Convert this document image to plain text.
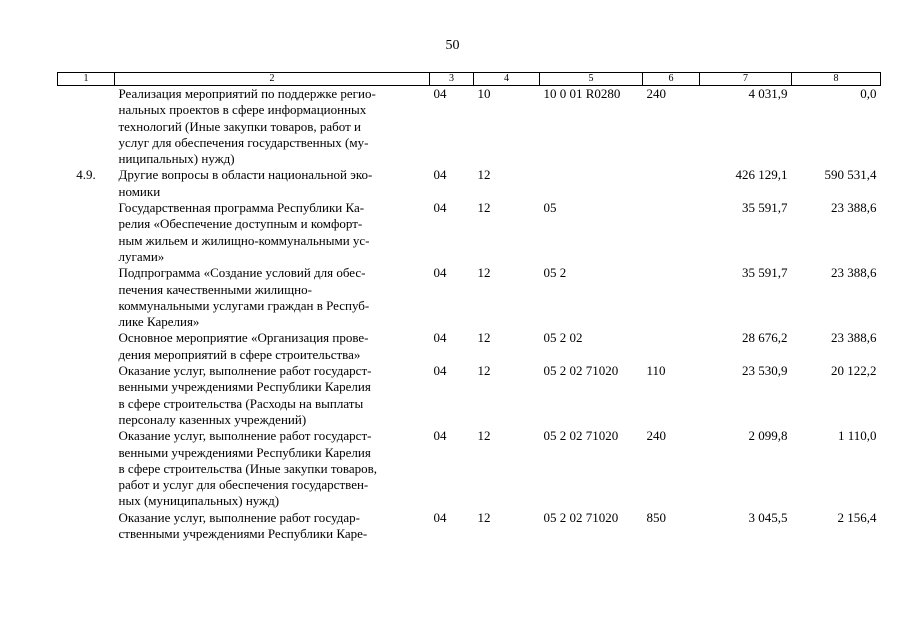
50
1	2	3	4	5	6	7	8

	Реализация мероприятий по поддержке регио-
нальных проектов в сфере информационных
технологий (Иные закупки товаров, работ и
услуг для обеспечения государственных (му-
ниципальных) нужд)	04	10	10 0 01 R0280	240	4 031,9	0,0
4.9.	Другие вопросы в области национальной эко-
номики	04	12			426 129,1	590 531,4

	Государственная программа Республики Ка-
релия «Обеспечение доступным и комфорт-
ным жильем и жилищно-коммунальными ус-
лугами»	04	12	05		35 591,7	23 388,6

	Подпрограмма «Создание условий для обес-
печения качественными жилищно-
коммунальными услугами граждан в Респуб-
лике Карелия»	04	12	05 2		35 591,7	23 388,6

	Основное мероприятие «Организация прове-
дения мероприятий в сфере строительства»	04	12	05 2 02		28 676,2	23 388,6

	Оказание услуг, выполнение работ государст-
венными учреждениями Республики Карелия
в сфере строительства (Расходы на выплаты
персоналу казенных учреждений)	04	12	05 2 02 71020	110	23 530,9	20 122,2

	Оказание услуг, выполнение работ государст-
венными учреждениями Республики Карелия
в сфере строительства (Иные закупки товаров,
работ и услуг для обеспечения государствен-
ных (муниципальных) нужд)	04	12	05 2 02 71020	240	2 099,8	1 110,0

	Оказание услуг, выполнение работ государ-
ственными учреждениями Республики Каре-	04	12	05 2 02 71020	850	3 045,5	2 156,4
